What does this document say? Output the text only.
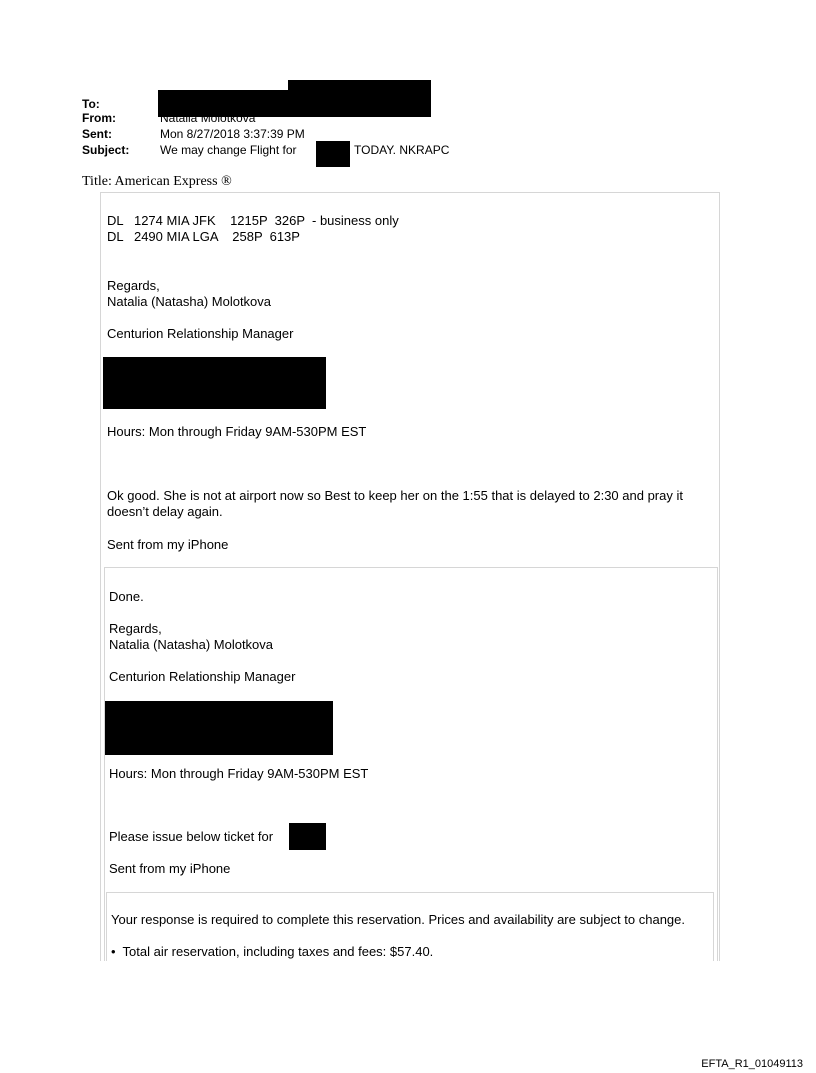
To:
From:	Natalia Molotkova
Sent:	Mon 8/27/2018 3:37:39 PM
Subject:	We may change Flight for	TODAY. NKRAPC
Title: American Express ®
DL   1274 MIA JFK    1215P  326P  - business only
DL   2490 MIA LGA    258P  613P
Regards,
Natalia (Natasha) Molotkova
Centurion Relationship Manager
Hours: Mon through Friday 9AM-530PM EST
Ok good. She is not at airport now so Best to keep her on the 1:55 that is delayed to 2:30 and pray it doesn’t delay again.
Sent from my iPhone
Done.
Regards,
Natalia (Natasha) Molotkova
Centurion Relationship Manager
Hours: Mon through Friday 9AM-530PM EST
Please issue below ticket for
Sent from my iPhone
Your response is required to complete this reservation. Prices and availability are subject to change.
•  Total air reservation, including taxes and fees: $57.40.
EFTA_R1_01049113
